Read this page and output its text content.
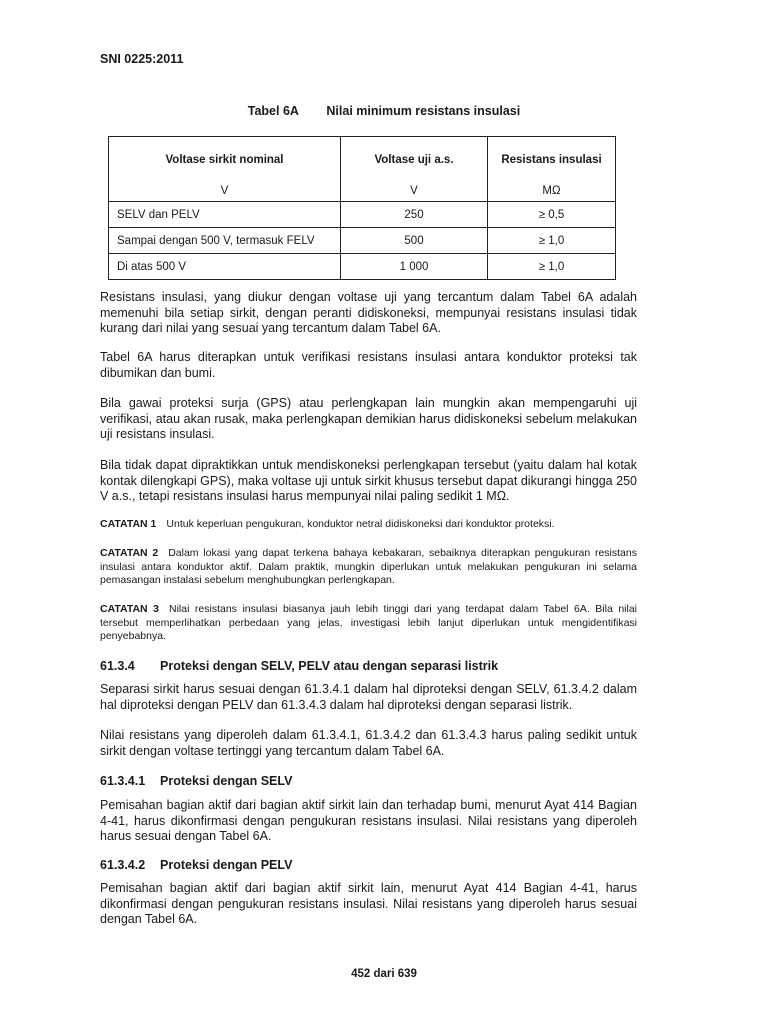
SNI 0225:2011
Tabel 6A Nilai minimum resistans insulasi
Voltase sirkit nominal	Voltase uji a.s.	Resistans insulasi
V	V	MΩ
SELV dan PELV	250	≥ 0,5
Sampai dengan 500 V, termasuk FELV	500	≥ 1,0
Di atas 500 V	1 000	≥ 1,0

Resistans insulasi, yang diukur dengan voltase uji yang tercantum dalam Tabel 6A adalah memenuhi bila setiap sirkit, dengan peranti didiskoneksi, mempunyai resistans insulasi tidak kurang dari nilai yang sesuai yang tercantum dalam Tabel 6A.

Tabel 6A harus diterapkan untuk verifikasi resistans insulasi antara konduktor proteksi tak dibumikan dan bumi.

Bila gawai proteksi surja (GPS) atau perlengkapan lain mungkin akan mempengaruhi uji verifikasi, atau akan rusak, maka perlengkapan demikian harus didiskoneksi sebelum melakukan uji resistans insulasi.

Bila tidak dapat dipraktikkan untuk mendiskoneksi perlengkapan tersebut (yaitu dalam hal kotak kontak dilengkapi GPS), maka voltase uji untuk sirkit khusus tersebut dapat dikurangi hingga 250 V a.s., tetapi resistans insulasi harus mempunyai nilai paling sedikit 1 MΩ.

CATATAN 1 Untuk keperluan pengukuran, konduktor netral didiskoneksi dari konduktor proteksi.

CATATAN 2 Dalam lokasi yang dapat terkena bahaya kebakaran, sebaiknya diterapkan pengukuran resistans insulasi antara konduktor aktif. Dalam praktik, mungkin diperlukan untuk melakukan pengukuran ini selama pemasangan instalasi sebelum menghubungkan perlengkapan.

CATATAN 3 Nilai resistans insulasi biasanya jauh lebih tinggi dari yang terdapat dalam Tabel 6A. Bila nilai tersebut memperlihatkan perbedaan yang jelas, investigasi lebih lanjut diperlukan untuk mengidentifikasi penyebabnya.

61.3.4 Proteksi dengan SELV, PELV atau dengan separasi listrik

Separasi sirkit harus sesuai dengan 61.3.4.1 dalam hal diproteksi dengan SELV, 61.3.4.2 dalam hal diproteksi dengan PELV dan 61.3.4.3 dalam hal diproteksi dengan separasi listrik.

Nilai resistans yang diperoleh dalam 61.3.4.1, 61.3.4.2 dan 61.3.4.3 harus paling sedikit untuk sirkit dengan voltase tertinggi yang tercantum dalam Tabel 6A.

61.3.4.1 Proteksi dengan SELV

Pemisahan bagian aktif dari bagian aktif sirkit lain dan terhadap bumi, menurut Ayat 414 Bagian 4-41, harus dikonfirmasi dengan pengukuran resistans insulasi. Nilai resistans yang diperoleh harus sesuai dengan Tabel 6A.

61.3.4.2 Proteksi dengan PELV

Pemisahan bagian aktif dari bagian aktif sirkit lain, menurut Ayat 414 Bagian 4-41, harus dikonfirmasi dengan pengukuran resistans insulasi. Nilai resistans yang diperoleh harus sesuai dengan Tabel 6A.

452 dari 639
